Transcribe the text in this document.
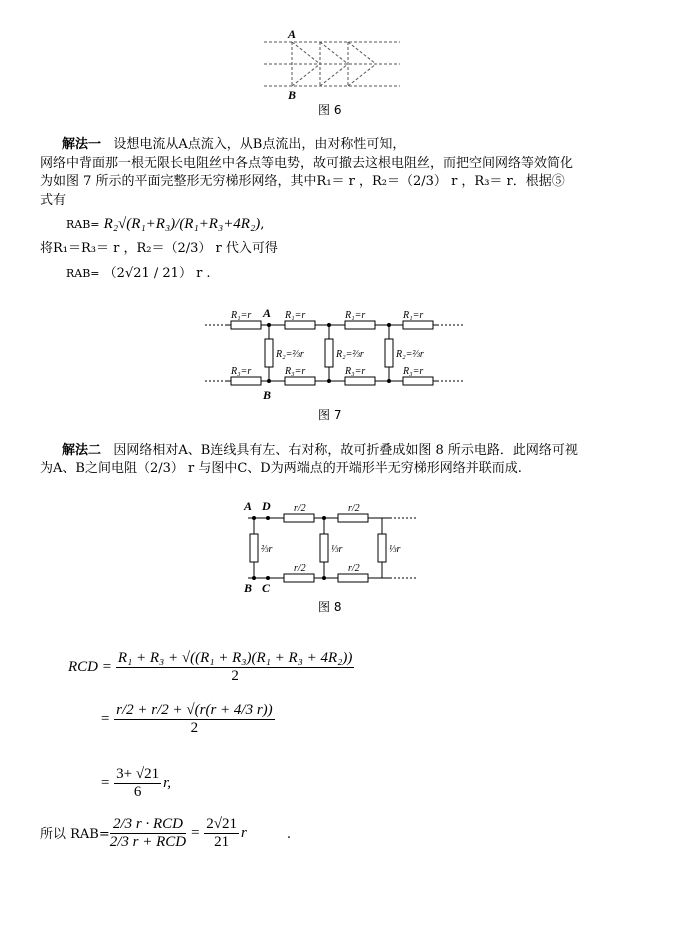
A
B
图 6
解法一 设想电流从A点流入，从B点流出，由对称性可知，
网络中背面那一根无限长电阻丝中各点等电势，故可撤去这根电阻丝，而把空间网络等效简化
为如图 7 所示的平面完整形无穷梯形网络，其中R₁＝ r ，R₂＝（2/3） r ，R₃＝ r．根据⑤
式有
RAB= R₂√(R₁+R₃)/(R₁+R₃+4R₂),
将R₁＝R₃＝ r ，R₂＝（2/3） r 代入可得
RAB= （2√21 / 21） r .
R₁=r
R₃=r
R₁=r
R₃=r
R₁=r
R₃=r
R₁=r
R₃=r
R₂=⅔r	R₂=⅔r	R₂=⅔r
A
B
图 7
解法二 因网络相对A、B连线具有左、右对称，故可折叠成如图 8 所示电路．此网络可视
为A、B之间电阻（2/3） r 与图中C、D为两端点的开端形半无穷梯形网络并联而成.
r/2
r/2
r/2
r/2
⅔r	⅓r	⅓r
A D
B C
图 8
RCD = $\frac{\text{R₁ + R₃ + √((R₁ + R₃)(R₁ + R₃ + 4R₂))}}{2}$
= $\frac{r/2 + r/2 + √(r(r + 4/3 r))}{2}$
= $\frac{3+ √21}{6} r$,
所以 $RAB= \frac{\text{2/3 r · RCD}}{\text{2/3 r + RCD}} = \frac{2√21}{21}$ r	.
